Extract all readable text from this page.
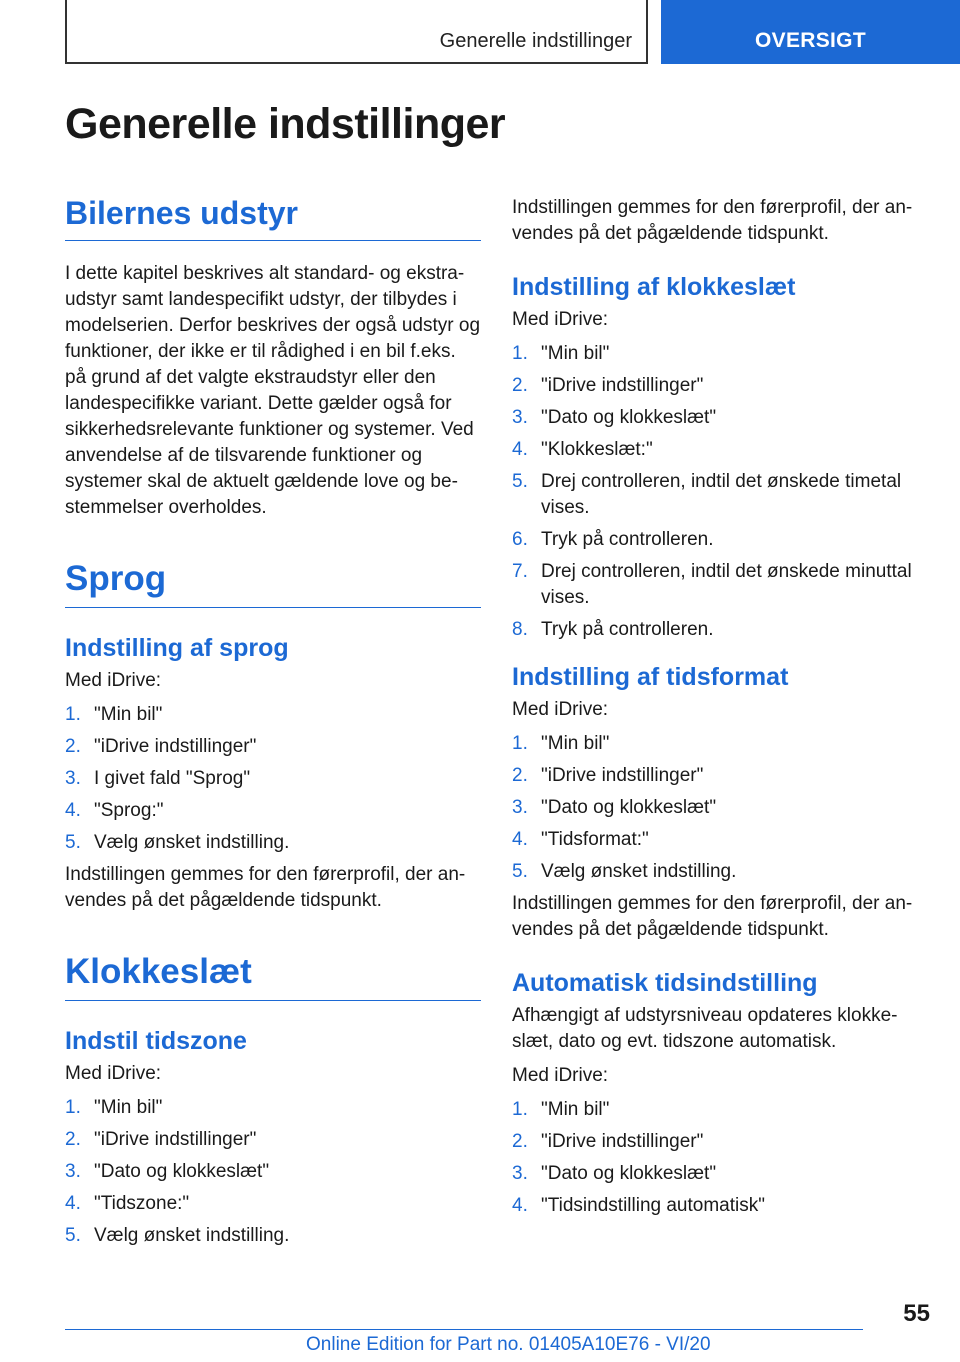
Generelle indstillinger	OVERSIGT
Generelle indstillinger
Bilernes udstyr

I dette kapitel beskrives alt standard- og ekstraudstyr samt landespecifikt udstyr, der tilbydes i modelserien. Derfor beskrives der også udstyr og funktioner, der ikke er til rådighed i en bil f.eks. på grund af det valgte ekstraudstyr eller den landespecifikke variant. Dette gælder også for sikkerhedsrelevante funktioner og systemer. Ved anvendelse af de tilsvarende funktioner og systemer skal de aktuelt gældende love og bestemmelser overholdes.

Sprog
Indstilling af sprog

Med iDrive:

1. "Min bil"
2. "iDrive indstillinger"
3. I givet fald "Sprog"
4. "Sprog:"
5. Vælg ønsket indstilling.

Indstillingen gemmes for den førerprofil, der anvendes på det pågældende tidspunkt.

Klokkeslæt
Indstil tidszone

Med iDrive:

1. "Min bil"
2. "iDrive indstillinger"
3. "Dato og klokkeslæt"
4. "Tidszone:"
5. Vælg ønsket indstilling.

Indstillingen gemmes for den førerprofil, der anvendes på det pågældende tidspunkt.

Indstilling af klokkeslæt

Med iDrive:

1. "Min bil"
2. "iDrive indstillinger"
3. "Dato og klokkeslæt"
4. "Klokkeslæt:"
5. Drej controlleren, indtil det ønskede timetal vises.
6. Tryk på controlleren.
7. Drej controlleren, indtil det ønskede minuttal vises.
8. Tryk på controlleren.
Indstilling af tidsformat

Med iDrive:

1. "Min bil"
2. "iDrive indstillinger"
3. "Dato og klokkeslæt"
4. "Tidsformat:"
5. Vælg ønsket indstilling.

Indstillingen gemmes for den førerprofil, der anvendes på det pågældende tidspunkt.

Automatisk tidsindstilling

Afhængigt af udstyrsniveau opdateres klokkeslæt, dato og evt. tidszone automatisk.

Med iDrive:

1. "Min bil"
2. "iDrive indstillinger"
3. "Dato og klokkeslæt"
4. "Tidsindstilling automatisk"
55
Online Edition for Part no. 01405A10E76 - VI/20
